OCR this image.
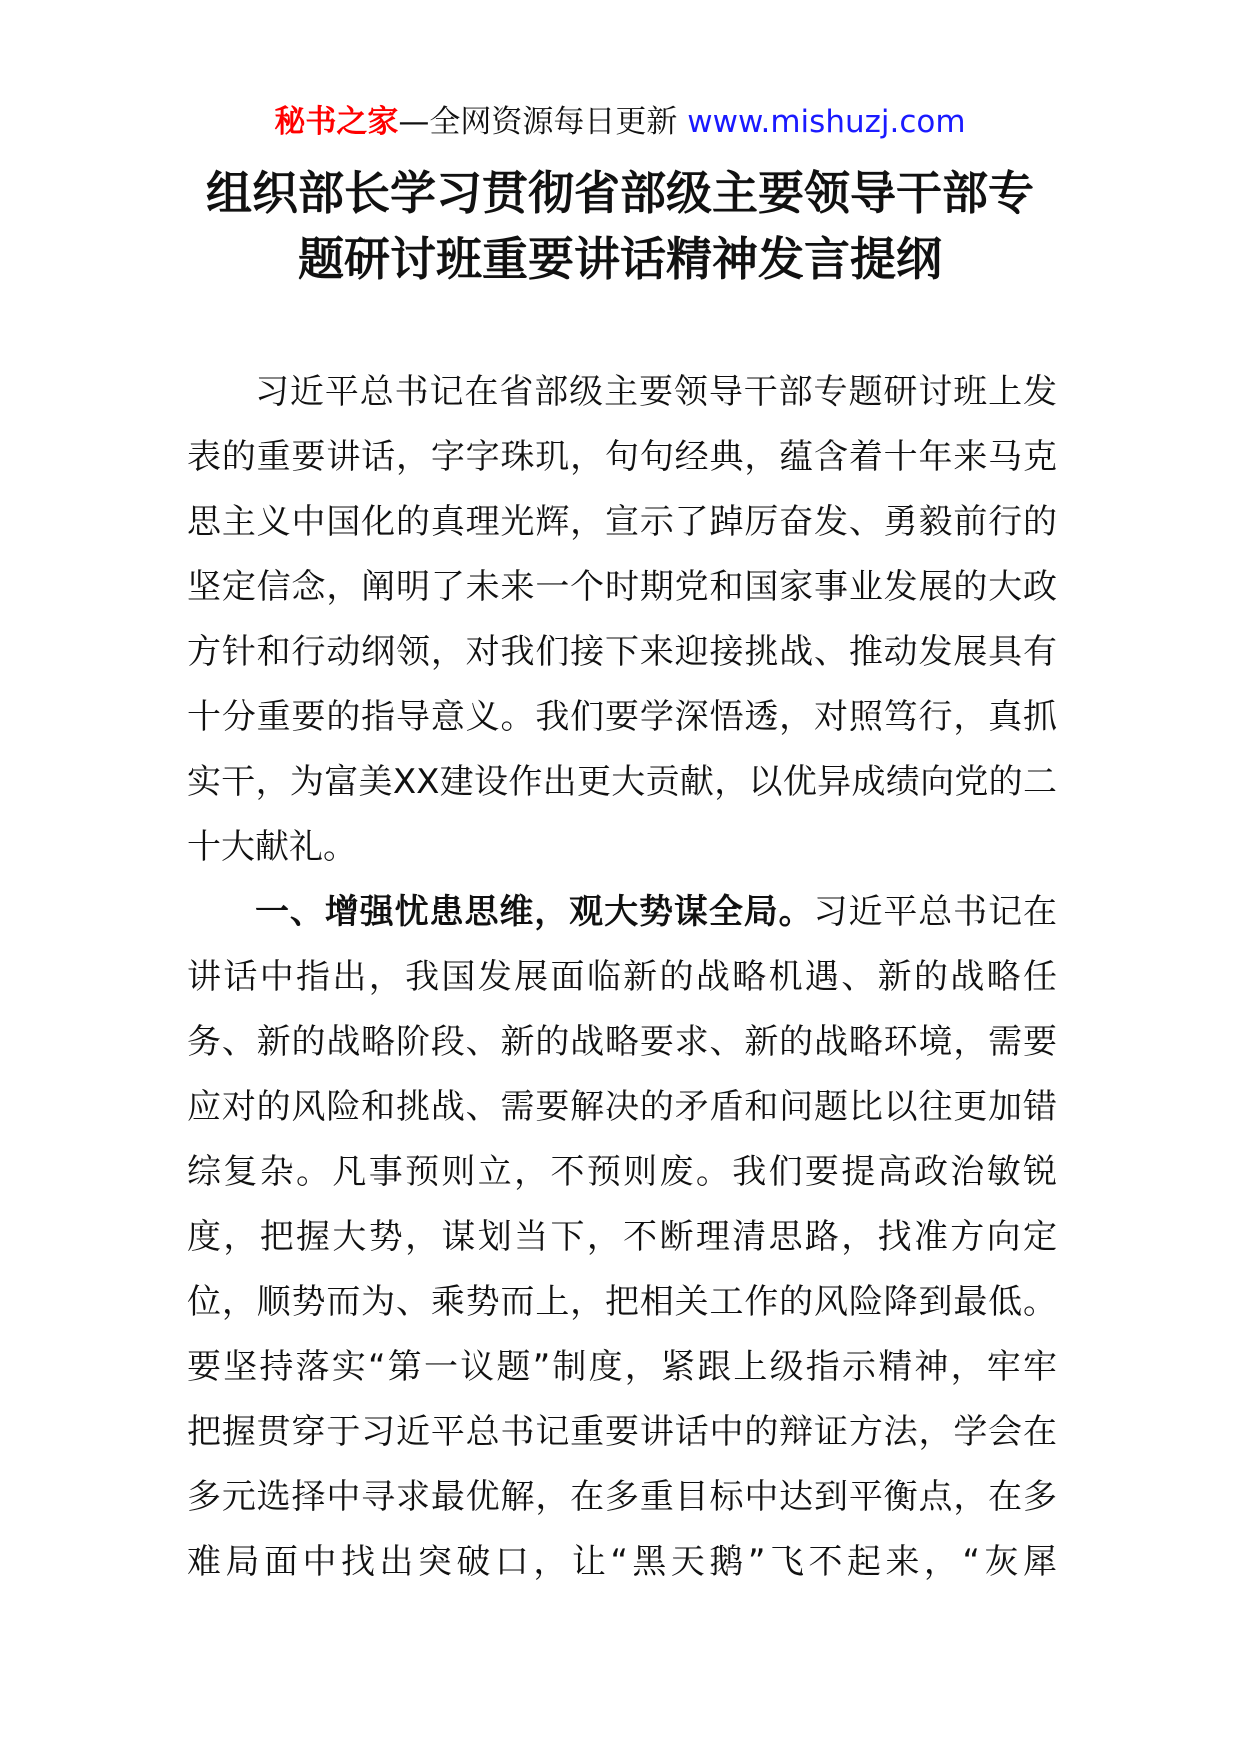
秘书之家—全网资源每日更新 www.mishuzj.com
组织部长学习贯彻省部级主要领导干部专
题研讨班重要讲话精神发言提纲
习近平总书记在省部级主要领导干部专题研讨班上发
表的重要讲话，字字珠玑，句句经典，蕴含着十年来马克
思主义中国化的真理光辉，宣示了踔厉奋发、勇毅前行的
坚定信念，阐明了未来一个时期党和国家事业发展的大政
方针和行动纲领，对我们接下来迎接挑战、推动发展具有
十分重要的指导意义。我们要学深悟透，对照笃行，真抓
实干，为富美XX建设作出更大贡献，以优异成绩向党的二
十大献礼。
一、增强忧患思维，观大势谋全局。习近平总书记在
讲话中指出，我国发展面临新的战略机遇、新的战略任
务、新的战略阶段、新的战略要求、新的战略环境，需要
应对的风险和挑战、需要解决的矛盾和问题比以往更加错
综复杂。凡事预则立，不预则废。我们要提高政治敏锐
度，把握大势，谋划当下，不断理清思路，找准方向定
位，顺势而为、乘势而上，把相关工作的风险降到最低。
要坚持落实“第一议题”制度，紧跟上级指示精神，牢牢
把握贯穿于习近平总书记重要讲话中的辩证方法，学会在
多元选择中寻求最优解，在多重目标中达到平衡点，在多
难局面中找出突破口，让“黑天鹅”飞不起来，“灰犀
